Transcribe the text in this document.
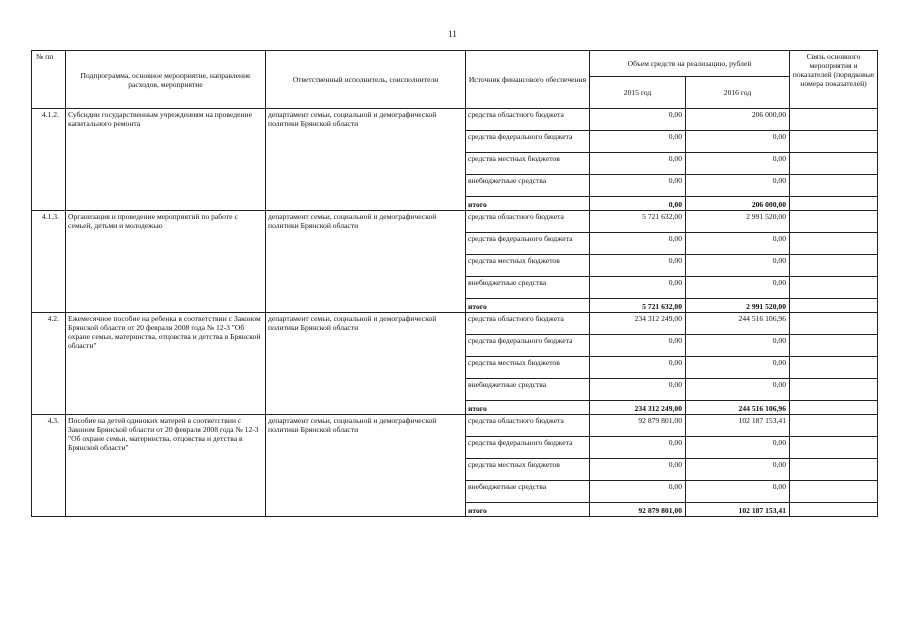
11
№ пп	Подпрограмма, основное мероприятие, направление расходов, мероприятие	Ответственный исполнитель, соисполнители	Источник финансового обеспечения	Объем средств на реализацию, рублей		Связь основного мероприятия и показателей (порядковые номера показателей)
				2015 год	2016 год	
4.1.2.	Субсидии государственным учреждениям на проведение капитального ремонта	департамент семьи, социальной и демографической политики Брянской области	средства областного бюджета	0,00	206 000,00	
			средства федерального бюджета	0,00	0,00	
			средства местных бюджетов	0,00	0,00	
			внебюджетные средства	0,00	0,00	
			итого	0,00	206 000,00	
4.1.3.	Организация и проведение мероприятий по работе с семьей, детьми и молодежью	департамент семьи, социальной и демографической политики Брянской области	средства областного бюджета	5 721 632,00	2 991 520,00	
			средства федерального бюджета	0,00	0,00	
			средства местных бюджетов	0,00	0,00	
			внебюджетные средства	0,00	0,00	
			итого	5 721 632,00	2 991 520,00	
4.2.	Ежемесячное пособие на ребенка в соответствии с Законом Брянской области от 20 февраля 2008 года № 12-3 "Об охране семьи, материнства, отцовства и детства в Брянской области"	департамент семьи, социальной и демографической политики Брянской области	средства областного бюджета	234 312 249,00	244 516 106,96	
			средства федерального бюджета	0,00	0,00	
			средства местных бюджетов	0,00	0,00	
			внебюджетные средства	0,00	0,00	
			итого	234 312 249,00	244 516 106,96	
4.3.	Пособие на детей одиноких матерей в соответствии с Законом Брянской области от 20 февраля 2008 года № 12-3 "Об охране семьи, материнства, отцовства и детства в Брянской области"	департамент семьи, социальной и демографической политики Брянской области	средства областного бюджета	92 879 801,00	102 187 153,41	
			средства федерального бюджета	0,00	0,00	
			средства местных бюджетов	0,00	0,00	
			внебюджетные средства	0,00	0,00	
			итого	92 879 801,00	102 187 153,41	
